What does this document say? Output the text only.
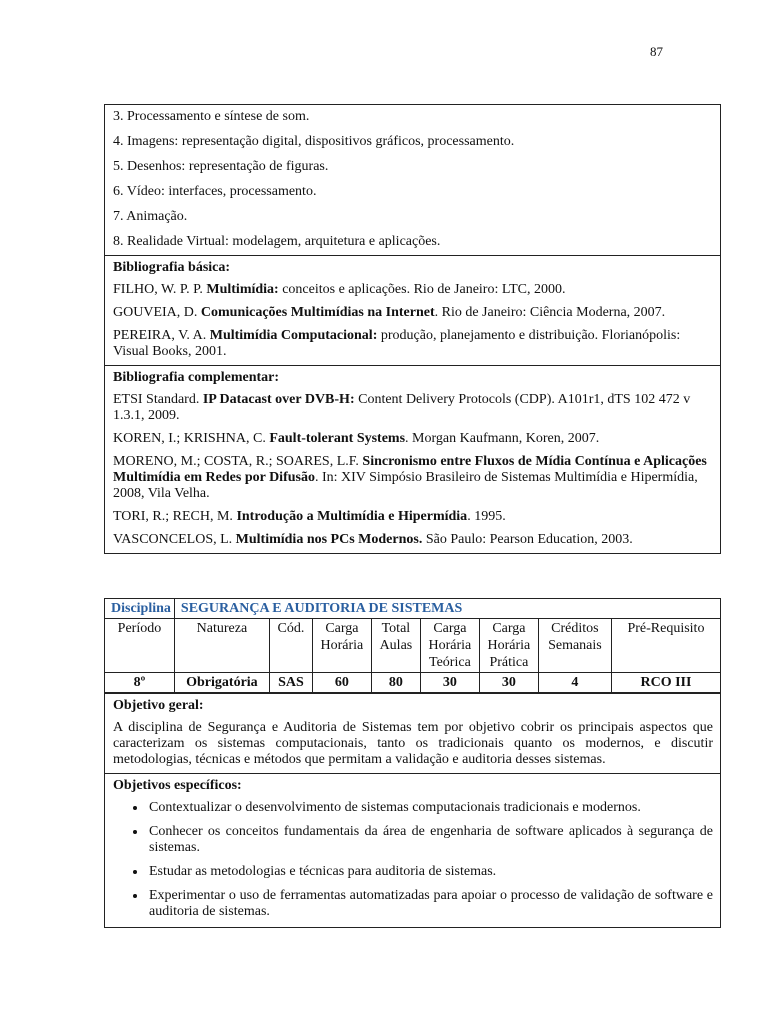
87

3. Processamento e síntese de som.

4. Imagens: representação digital, dispositivos gráficos, processamento.

5. Desenhos: representação de figuras.

6. Vídeo: interfaces, processamento.

7. Animação.

8. Realidade Virtual: modelagem, arquitetura e aplicações.

Bibliografia básica:

FILHO, W. P. P. Multimídia: conceitos e aplicações. Rio de Janeiro: LTC, 2000.

GOUVEIA, D. Comunicações Multimídias na Internet. Rio de Janeiro: Ciência Moderna, 2007.

PEREIRA, V. A. Multimídia Computacional: produção, planejamento e distribuição. Florianópolis: Visual Books, 2001.

Bibliografia complementar:

ETSI Standard. IP Datacast over DVB-H: Content Delivery Protocols (CDP). A101r1, dTS 102 472 v 1.3.1, 2009.

KOREN, I.; KRISHNA, C. Fault-tolerant Systems. Morgan Kaufmann, Koren, 2007.

MORENO, M.; COSTA, R.; SOARES, L.F. Sincronismo entre Fluxos de Mídia Contínua e Aplicações Multimídia em Redes por Difusão. In: XIV Simpósio Brasileiro de Sistemas Multimídia e Hipermídia, 2008, Vila Velha.

TORI, R.; RECH, M. Introdução a Multimídia e Hipermídia. 1995.

VASCONCELOS, L. Multimídia nos PCs Modernos. São Paulo: Pearson Education, 2003.

Disciplina	SEGURANÇA E AUDITORIA DE SISTEMAS							
Período	Natureza	Cód.	Carga Horária	Total Aulas	Carga Horária Teórica	Carga Horária Prática	Créditos Semanais	Pré-Requisito
8º	Obrigatória	SAS	60	80	30	30	4	RCO III
Objetivo geral:

A disciplina de Segurança e Auditoria de Sistemas tem por objetivo cobrir os principais aspectos que caracterizam os sistemas computacionais, tanto os tradicionais quanto os modernos, e discutir metodologias, técnicas e métodos que permitam a validação e auditoria desses sistemas.

Objetivos específicos:
• Contextualizar o desenvolvimento de sistemas computacionais tradicionais e modernos.
• Conhecer os conceitos fundamentais da área de engenharia de software aplicados à segurança de sistemas.
• Estudar as metodologias e técnicas para auditoria de sistemas.
• Experimentar o uso de ferramentas automatizadas para apoiar o processo de validação de software e auditoria de sistemas.
